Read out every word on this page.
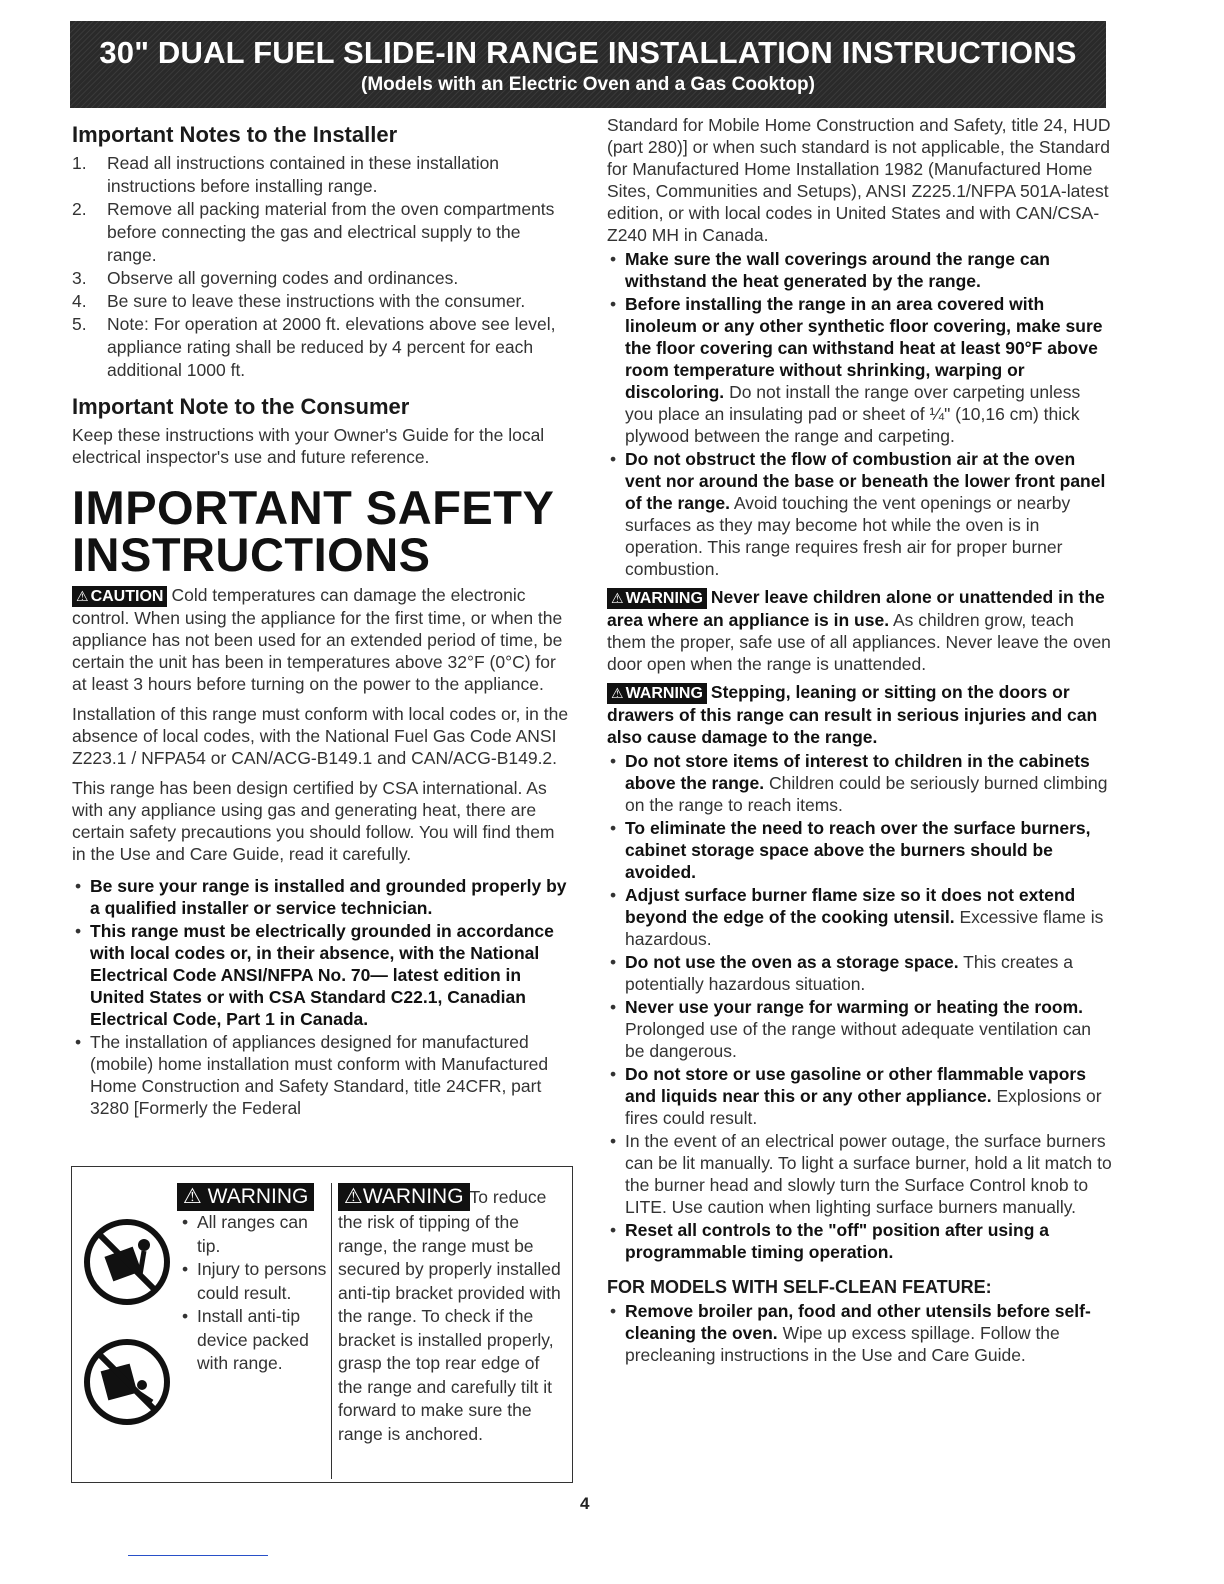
30" DUAL FUEL SLIDE-IN RANGE INSTALLATION INSTRUCTIONS
(Models with an Electric Oven and a Gas Cooktop)
Important Notes to the Installer
1. Read all instructions contained in these installation instructions before installing range.
2. Remove all packing material from the oven compartments before connecting the gas and electrical supply to the range.
3. Observe all governing codes and ordinances.
4. Be sure to leave these instructions with the consumer.
5. Note: For operation at 2000 ft. elevations above see level, appliance rating shall be reduced by 4 percent for each additional 1000 ft.
Important Note to the Consumer

Keep these instructions with your Owner's Guide for the local electrical inspector's use and future reference.

IMPORTANT SAFETY
INSTRUCTIONS

⚠ CAUTION Cold temperatures can damage the electronic control. When using the appliance for the first time, or when the appliance has not been used for an extended period of time, be certain the unit has been in temperatures above 32°F (0°C) for at least 3 hours before turning on the power to the appliance.

Installation of this range must conform with local codes or, in the absence of local codes, with the National Fuel Gas Code ANSI Z223.1 / NFPA54 or CAN/ACG-B149.1 and CAN/ACG-B149.2.

This range has been design certified by CSA international. As with any appliance using gas and generating heat, there are certain safety precautions you should follow. You will find them in the Use and Care Guide, read it carefully.

• Be sure your range is installed and grounded properly by a qualified installer or service technician.
• This range must be electrically grounded in accordance with local codes or, in their absence, with the National Electrical Code ANSI/NFPA No. 70— latest edition in United States or with CSA Standard C22.1, Canadian Electrical Code, Part 1 in Canada.
• The installation of appliances designed for manufactured (mobile) home installation must conform with Manufactured Home Construction and Safety Standard, title 24CFR, part 3280 [Formerly the Federal
⚠ WARNING
• All ranges can tip.
• Injury to persons could result.
• Install anti-tip device packed with range.

⚠WARNING To reduce the risk of tipping of the range, the range must be secured by properly installed anti-tip bracket provided with the range. To check if the bracket is installed properly, grasp the top rear edge of the range and carefully tilt it forward to make sure the range is anchored.

Standard for Mobile Home Construction and Safety, title 24, HUD (part 280)] or when such standard is not applicable, the Standard for Manufactured Home Installation 1982 (Manufactured Home Sites, Communities and Setups), ANSI Z225.1/NFPA 501A-latest edition, or with local codes in United States and with CAN/CSA-Z240 MH in Canada.

• Make sure the wall coverings around the range can withstand the heat generated by the range.
• Before installing the range in an area covered with linoleum or any other synthetic floor covering, make sure the floor covering can withstand heat at least 90°F above room temperature without shrinking, warping or discoloring. Do not install the range over carpeting unless you place an insulating pad or sheet of ¼" (10,16 cm) thick plywood between the range and carpeting.
• Do not obstruct the flow of combustion air at the oven vent nor around the base or beneath the lower front panel of the range. Avoid touching the vent openings or nearby surfaces as they may become hot while the oven is in operation. This range requires fresh air for proper burner combustion.

⚠ WARNING Never leave children alone or unattended in the area where an appliance is in use. As children grow, teach them the proper, safe use of all appliances. Never leave the oven door open when the range is unattended.

⚠ WARNING Stepping, leaning or sitting on the doors or drawers of this range can result in serious injuries and can also cause damage to the range.

• Do not store items of interest to children in the cabinets above the range. Children could be seriously burned climbing on the range to reach items.
• To eliminate the need to reach over the surface burners, cabinet storage space above the burners should be avoided.
• Adjust surface burner flame size so it does not extend beyond the edge of the cooking utensil. Excessive flame is hazardous.
• Do not use the oven as a storage space. This creates a potentially hazardous situation.
• Never use your range for warming or heating the room. Prolonged use of the range without adequate ventilation can be dangerous.
• Do not store or use gasoline or other flammable vapors and liquids near this or any other appliance. Explosions or fires could result.
• In the event of an electrical power outage, the surface burners can be lit manually. To light a surface burner, hold a lit match to the burner head and slowly turn the Surface Control knob to LITE. Use caution when lighting surface burners manually.
• Reset all controls to the "off" position after using a programmable timing operation.
FOR MODELS WITH SELF-CLEAN FEATURE:
• Remove broiler pan, food and other utensils before self-cleaning the oven. Wipe up excess spillage. Follow the precleaning instructions in the Use and Care Guide.
4
